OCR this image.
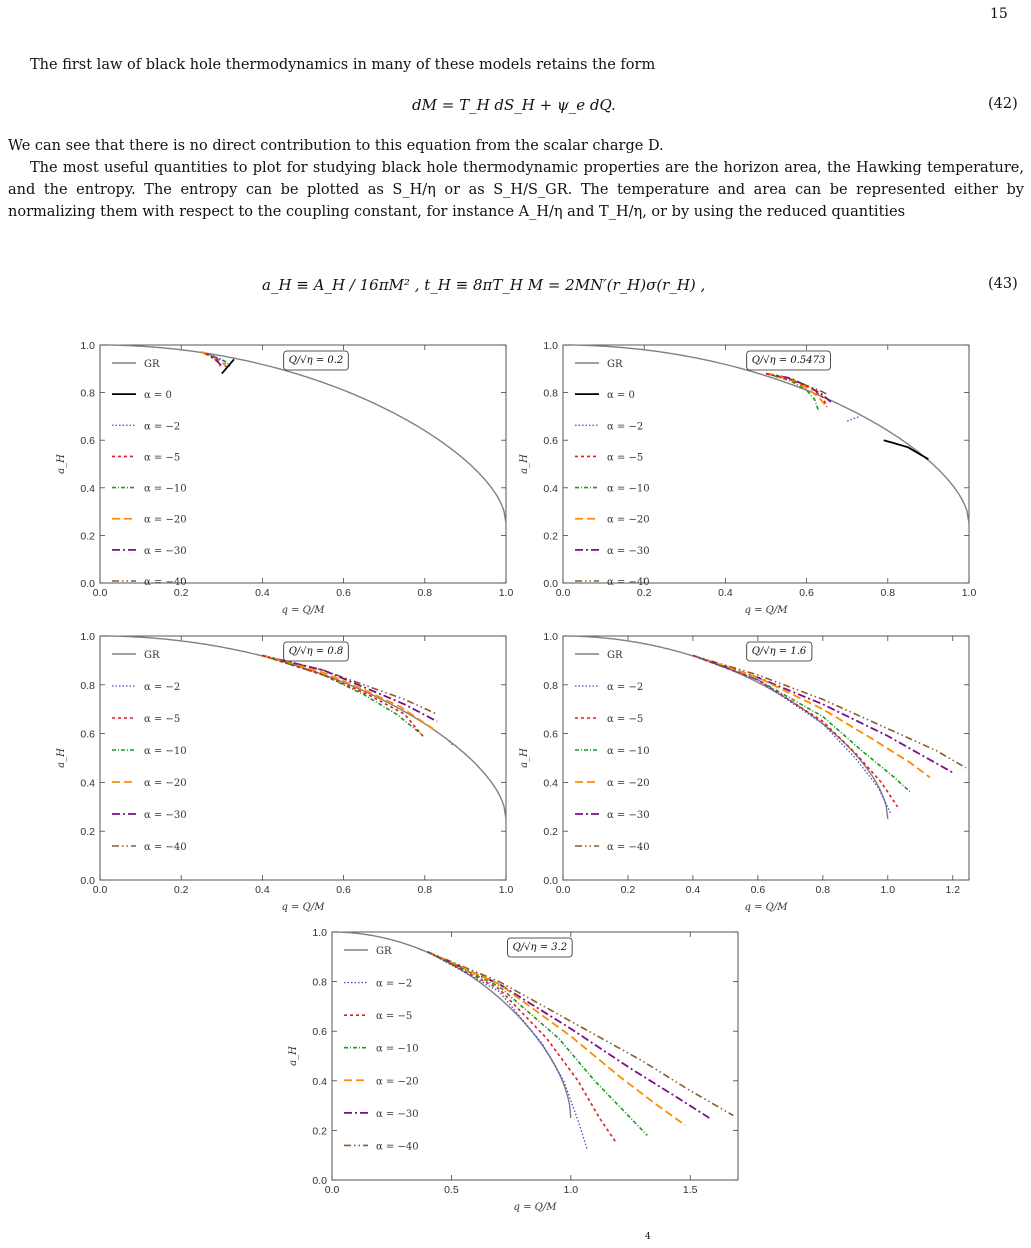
15
The first law of black hole thermodynamics in many of these models retains the form
dM = T_H dS_H + ψ_e dQ.	(42)
We can see that there is no direct contribution to this equation from the scalar charge D.
The most useful quantities to plot for studying black hole thermodynamic properties are the horizon area, the Hawking temperature, and the entropy. The entropy can be plotted as S_H/η or as S_H/S_GR. The temperature and area can be represented either by normalizing them with respect to the coupling constant, for instance A_H/η and T_H/η, or by using the reduced quantities
a_H ≡ A_H / 16πM² , t_H ≡ 8πT_H M = 2MN′(r_H)σ(r_H) ,	(43)
0.0	0.2	0.4	0.6	0.8	1.0
0.0
0.2
0.4
0.6
0.8
1.0
q = Q/M
a_H
Q/√η = 0.2
GR
α = 0
α = −2
α = −5
α = −10
α = −20
α = −30
α = −40
0.0	0.2	0.4	0.6	0.8	1.0
0.0
0.2
0.4
0.6
0.8
1.0
q = Q/M
a_H
Q/√η = 0.5473
GR
α = 0
α = −2
α = −5
α = −10
α = −20
α = −30
α = −40
0.0	0.2	0.4	0.6	0.8	1.0
0.0
0.2
0.4
0.6
0.8
1.0
q = Q/M
a_H
Q/√η = 0.8
GR
α = −2
α = −5
α = −10
α = −20
α = −30
α = −40
0.0	0.2	0.4	0.6	0.8	1.0	1.2
0.0
0.2
0.4
0.6
0.8
1.0
q = Q/M
a_H
Q/√η = 1.6
GR
α = −2
α = −5
α = −10
α = −20
α = −30
α = −40
0.0	0.5	1.0	1.5
0.0
0.2
0.4
0.6
0.8
1.0
q = Q/M
a_H
Q/√η = 3.2
GR
α = −2
α = −5
α = −10
α = −20
α = −30
α = −40
4
